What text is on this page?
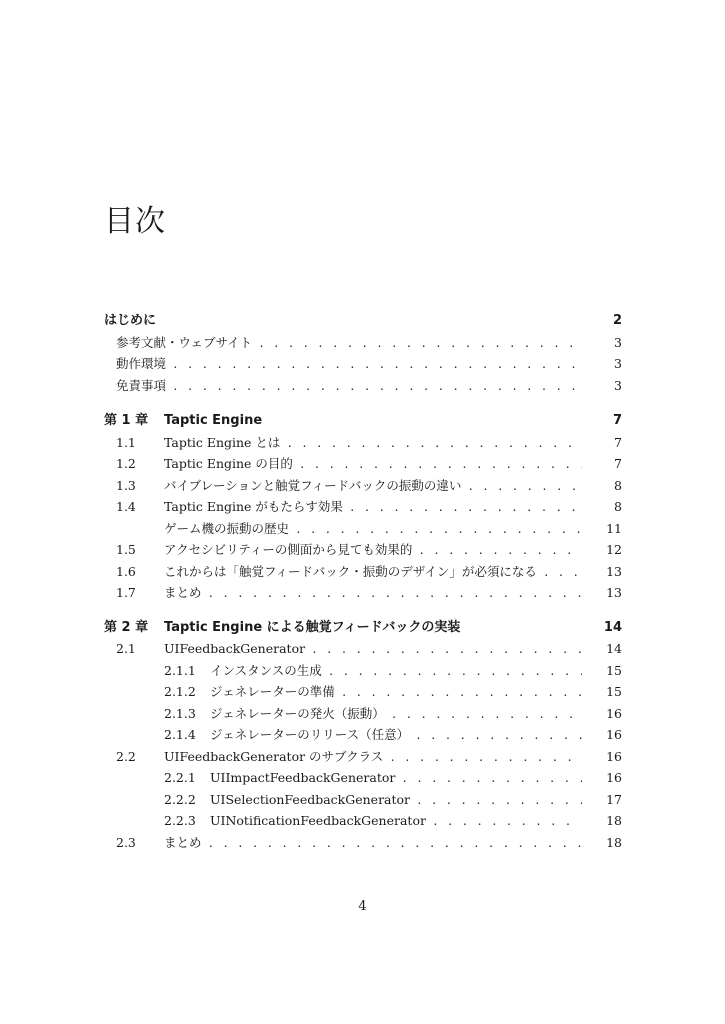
目次
はじめに	2
参考文献・ウェブサイト . . .	3
動作環境 . . .	3
免責事項 . . .	3
第 1 章 Taptic Engine	7
1.1 Taptic Engine とは . . .	7
1.2 Taptic Engine の目的 . . .	7
1.3 バイブレーションと触覚フィードバックの振動の違い . . .	8
1.4 Taptic Engine がもたらす効果 . . .	8
ゲーム機の振動の歴史 . . .	11
1.5 アクセシビリティーの側面から見ても効果的 . . .	12
1.6 これからは「触覚フィードバック・振動のデザイン」が必須になる . . .	13
1.7 まとめ . . .	13
第 2 章 Taptic Engine による触覚フィードバックの実装	14
2.1 UIFeedbackGenerator . . .	14
2.1.1 インスタンスの生成 . . .	15
2.1.2 ジェネレーターの準備 . . .	15
2.1.3 ジェネレーターの発火（振動） . . .	16
2.1.4 ジェネレーターのリリース（任意） . . .	16
2.2 UIFeedbackGenerator のサブクラス . . .	16
2.2.1 UIImpactFeedbackGenerator . . .	16
2.2.2 UISelectionFeedbackGenerator . . .	17
2.2.3 UINotificationFeedbackGenerator . . .	18
2.3 まとめ . . .	18
4
